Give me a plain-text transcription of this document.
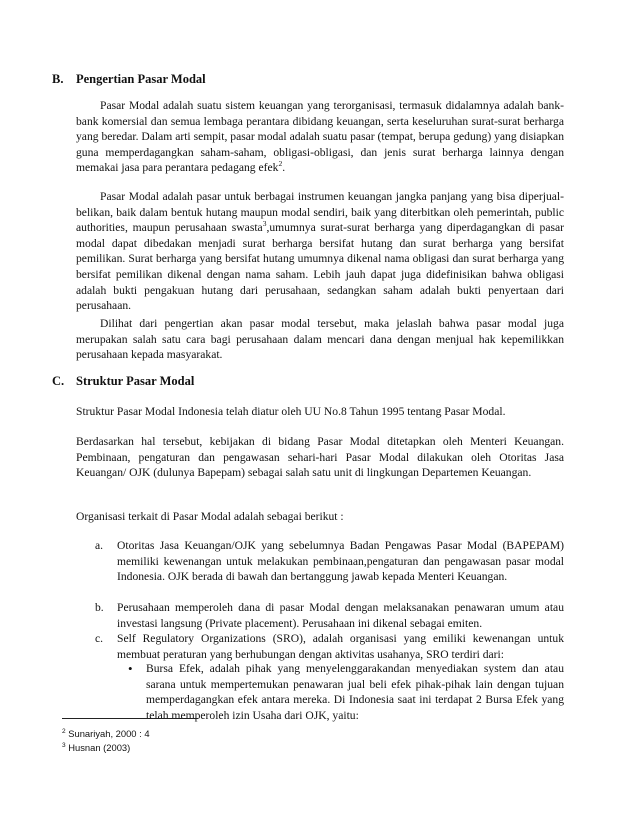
B. Pengertian Pasar Modal
Pasar Modal adalah suatu sistem keuangan yang terorganisasi, termasuk didalamnya adalah bank-bank komersial dan semua lembaga perantara dibidang keuangan, serta keseluruhan surat-surat berharga yang beredar. Dalam arti sempit, pasar modal adalah suatu pasar (tempat, berupa gedung) yang disiapkan guna memperdagangkan saham-saham, obligasi-obligasi, dan jenis surat berharga lainnya dengan memakai jasa para perantara pedagang efek$^2$.
Pasar Modal adalah pasar untuk berbagai instrumen keuangan jangka panjang yang bisa diperjual-belikan, baik dalam bentuk hutang maupun modal sendiri, baik yang diterbitkan oleh pemerintah, public authorities, maupun perusahaan swasta$^3$,umumnya surat-surat berharga yang diperdagangkan di pasar modal dapat dibedakan menjadi surat berharga bersifat hutang dan surat berharga yang bersifat pemilikan. Surat berharga yang bersifat hutang umumnya dikenal nama obligasi dan surat berharga yang bersifat pemilikan dikenal dengan nama saham. Lebih jauh dapat juga didefinisikan bahwa obligasi adalah bukti pengakuan hutang dari perusahaan, sedangkan saham adalah bukti penyertaan dari perusahaan.
Dilihat dari pengertian akan pasar modal tersebut, maka jelaslah bahwa pasar modal juga merupakan salah satu cara bagi perusahaan dalam mencari dana dengan menjual hak kepemilikkan perusahaan kepada masyarakat.
C. Struktur Pasar Modal
Struktur Pasar Modal Indonesia telah diatur oleh UU No.8 Tahun 1995 tentang Pasar Modal.
Berdasarkan hal tersebut, kebijakan di bidang Pasar Modal ditetapkan oleh Menteri Keuangan. Pembinaan, pengaturan dan pengawasan sehari-hari Pasar Modal dilakukan oleh Otoritas Jasa Keuangan/ OJK (dulunya Bapepam) sebagai salah satu unit di lingkungan Departemen Keuangan.
Organisasi terkait di Pasar Modal adalah sebagai berikut :
a. Otoritas Jasa Keuangan/OJK yang sebelumnya Badan Pengawas Pasar Modal (BAPEPAM) memiliki kewenangan untuk melakukan pembinaan,pengaturan dan pengawasan pasar modal Indonesia. OJK berada di bawah dan bertanggung jawab kepada Menteri Keuangan.
b. Perusahaan memperoleh dana di pasar Modal dengan melaksanakan penawaran umum atau investasi langsung (Private placement). Perusahaan ini dikenal sebagai emiten.
c. Self Regulatory Organizations (SRO), adalah organisasi yang emiliki kewenangan untuk membuat peraturan yang berhubungan dengan aktivitas usahanya, SRO terdiri dari:
• Bursa Efek, adalah pihak yang menyelenggarakandan menyediakan system dan atau sarana untuk mempertemukan penawaran jual beli efek pihak-pihak lain dengan tujuan memperdagangkan efek antara mereka. Di Indonesia saat ini terdapat 2 Bursa Efek yang telah memperoleh izin Usaha dari OJK, yaitu:
$^2$ Sunariyah, 2000 : 4
$^3$ Husnan (2003)
